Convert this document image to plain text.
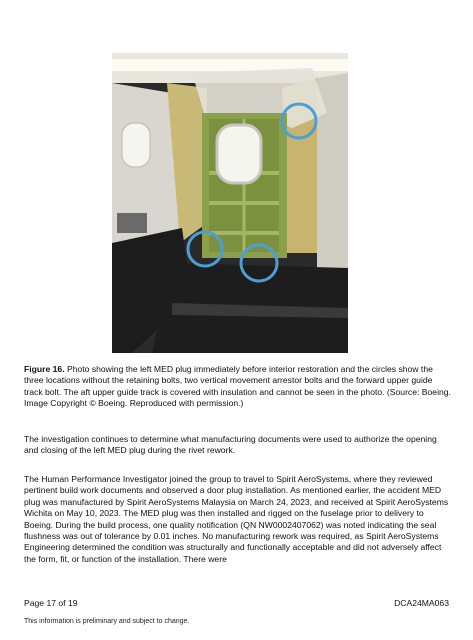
Figure 16. Photo showing the left MED plug immediately before interior restoration and the circles show the three locations without the retaining bolts, two vertical movement arrestor bolts and the forward upper guide track bolt. The aft upper guide track is covered with insulation and cannot be seen in the photo. (Source: Boeing. Image Copyright © Boeing. Reproduced with permission.)

The investigation continues to determine what manufacturing documents were used to authorize the opening and closing of the left MED plug during the rivet rework.

The Human Performance Investigator joined the group to travel to Spirit AeroSystems, where they reviewed pertinent build work documents and observed a door plug installation. As mentioned earlier, the accident MED plug was manufactured by Spirit AeroSystems Malaysia on March 24, 2023, and received at Spirit AeroSystems Wichita on May 10, 2023. The MED plug was then installed and rigged on the fuselage prior to delivery to Boeing. During the build process, one quality notification (QN NW0002407062) was noted indicating the seal flushness was out of tolerance by 0.01 inches. No manufacturing rework was required, as Spirit AeroSystems Engineering determined the condition was structurally and functionally acceptable and did not adversely affect the form, fit, or function of the installation. There were

Page 17 of 19	DCA24MA063
This information is preliminary and subject to change.
